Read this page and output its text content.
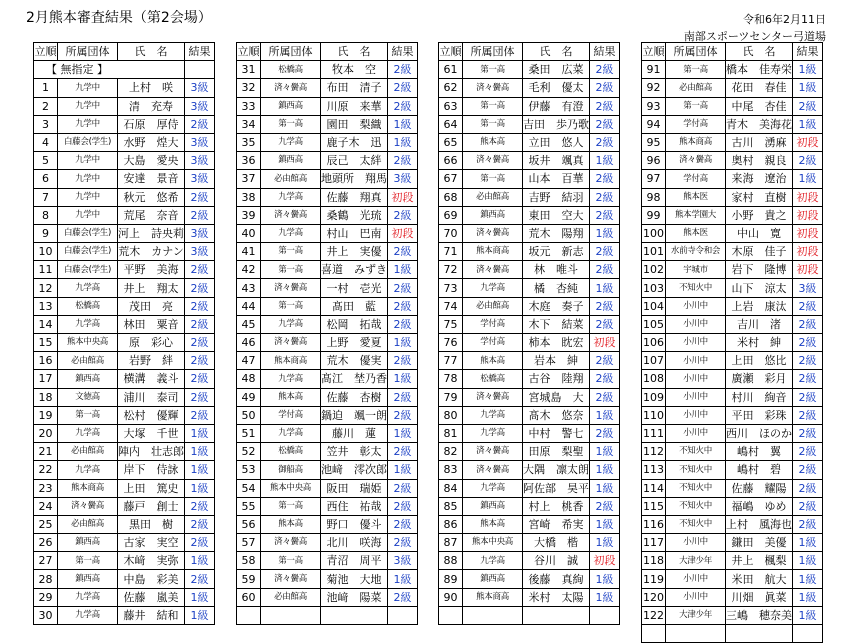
2月熊本審査結果（第2会場）	令和6年2月11日
南部スポーツセンター弓道場
立順	所属団体	氏　名	結果
【 無指定 】			
1	九学中	上村　咲	3級
2	九学中	清　充寿	3級
3	九学中	石原　厚侍	2級
4	白藤会(学生)	水野　煌大	3級
5	九学中	大島　愛央	3級
6	九学中	安達　景音	3級
7	九学中	秋元　悠希	2級
8	九学中	荒尾　奈音	2級
9	白藤会(学生)	河上　詩央莉	3級
10	白藤会(学生)	荒木　カナン	3級
11	白藤会(学生)	平野　美海	2級
12	九学高	井上　翔太	2級
13	松橋高	茂田　亮	2級
14	九学高	林田　粟音	2級
15	熊本中央高	原　彩心	2級
16	必由館高	岩野　絆	2級
17	鎮西高	横溝　義斗	2級
18	文徳高	浦川　泰司	2級
19	第一高	松村　優輝	2級
20	九学高	大塚　千世	1級
21	必由館高	陣内　壮志郎	1級
22	九学高	岸下　侍詠	1級
23	熊本商高	上田　篤史	1級
24	済々黌高	藤戸　創士	2級
25	必由館高	黒田　樹	2級
26	鎮西高	古家　実空	2級
27	第一高	木﨑　実弥	1級
28	鎮西高	中島　彩美	2級
29	九学高	佐藤　嵐美	1級
30	九学高	藤井　結和	1級
立順	所属団体	氏　名	結果
31	松橋高	牧本　空	2級
32	済々黌高	布田　清子	2級
33	鎮西高	川原　来華	2級
34	第一高	園田　梨織	1級
35	九学高	鹿子木　迅	1級
36	鎮西高	辰己　太絆	2級
37	必由館高	地頭所　翔馬	3級
38	九学高	佐藤　翔真	初段
39	済々黌高	桑鶴　光琉	2級
40	九学高	村山　巴南	初段
41	第一高	井上　実優	2級
42	第一高	喜道　みずき	1級
43	済々黌高	一村　壱光	2級
44	第一高	髙田　藍	2級
45	九学高	松岡　拓哉	2級
46	済々黌高	上野　愛夏	1級
47	熊本商高	荒木　優実	2級
48	九学高	髙江　埜乃香	1級
49	熊本高	佐藤　杏樹	2級
50	学付高	鍋迫　颯一朗	2級
51	九学高	藤川　蓮	1級
52	松橋高	笠井　彰太	2級
53	御船高	池﨑　澪次郎	1級
54	熊本中央高	阪田　瑞姫	2級
55	第一高	西住　祐哉	2級
56	熊本高	野口　優斗	2級
57	済々黌高	北川　咲海	2級
58	第一高	青沼　周平	3級
59	済々黌高	菊池　大地	1級
60	必由館高	池﨑　陽菜	2級

立順	所属団体	氏　名	結果
61	第一高	桑田　広菜	2級
62	済々黌高	毛利　優太	2級
63	第一高	伊藤　有澄	2級
64	第一高	吉田　歩乃歌	2級
65	熊本高	立田　悠人	2級
66	済々黌高	坂井　颯真	1級
67	第一高	山本　百華	2級
68	必由館高	吉野　結羽	2級
69	鎮西高	東田　空大	2級
70	済々黌高	荒木　陽翔	1級
71	熊本商高	坂元　新志	2級
72	済々黌高	林　唯斗	2級
73	九学高	橘　杏純	1級
74	必由館高	木庭　奏子	2級
75	学付高	木下　結菜	2級
76	学付高	柿本　眈宏	初段
77	熊本高	岩本　紳	2級
78	松橋高	古谷　陸翔	2級
79	済々黌高	宮城島　大	2級
80	九学高	髙木　悠奈	1級
81	九学高	中村　警七	2級
82	済々黌高	田原　梨聖	1級
83	済々黌高	大隅　凛太朗	1級
84	九学高	阿佐部　昊平	1級
85	鎮西高	村上　桃香	2級
86	熊本高	宮崎　希実	1級
87	熊本中央高	大橋　楷	1級
88	九学高	谷川　誠	初段
89	鎮西高	後藤　真絢	1級
90	熊本商高	米村　太陽	1級

立順	所属団体	氏　名	結果
91	第一高	橋本　佳寿栄	1級
92	必由館高	花田　春佳	1級
93	第一高	中尾　杏佳	2級
94	学付高	青木　美海花	1級
95	熊本商高	古川　湧麻	初段
96	済々黌高	奥村　親良	2級
97	学付高	来海　遼治	1級
98	熊本医	家村　直樹	初段
99	熊本学園大	小野　貴之	初段
100	熊本医	中山　寛	初段
101	水前寺令和会	木原　佳子	初段
102	宇城市	岩下　隆博	初段
103	不知火中	山下　涼太	3級
104	小川中	上岩　康汰	2級
105	小川中	吉川　渚	2級
106	小川中	米村　紳	2級
107	小川中	上田　悠比	2級
108	小川中	廣瀬　彩月	2級
109	小川中	村川　絢音	2級
110	小川中	平田　彩珠	2級
111	小川中	西川　ほのか	2級
112	不知火中	嶋村　翼	2級
113	不知火中	嶋村　碧	2級
114	不知火中	佐藤　耀陽	2級
115	不知火中	福嶋　ゆめ	2級
116	不知火中	上村　風海也	2級
117	小川中	鎌田　美優	1級
118	大津少年	井上　楓梨	1級
119	小川中	米田　航大	1級
120	小川中	川畑　眞菜	1級
122	大津少年	三嶋　穂奈美	1級
